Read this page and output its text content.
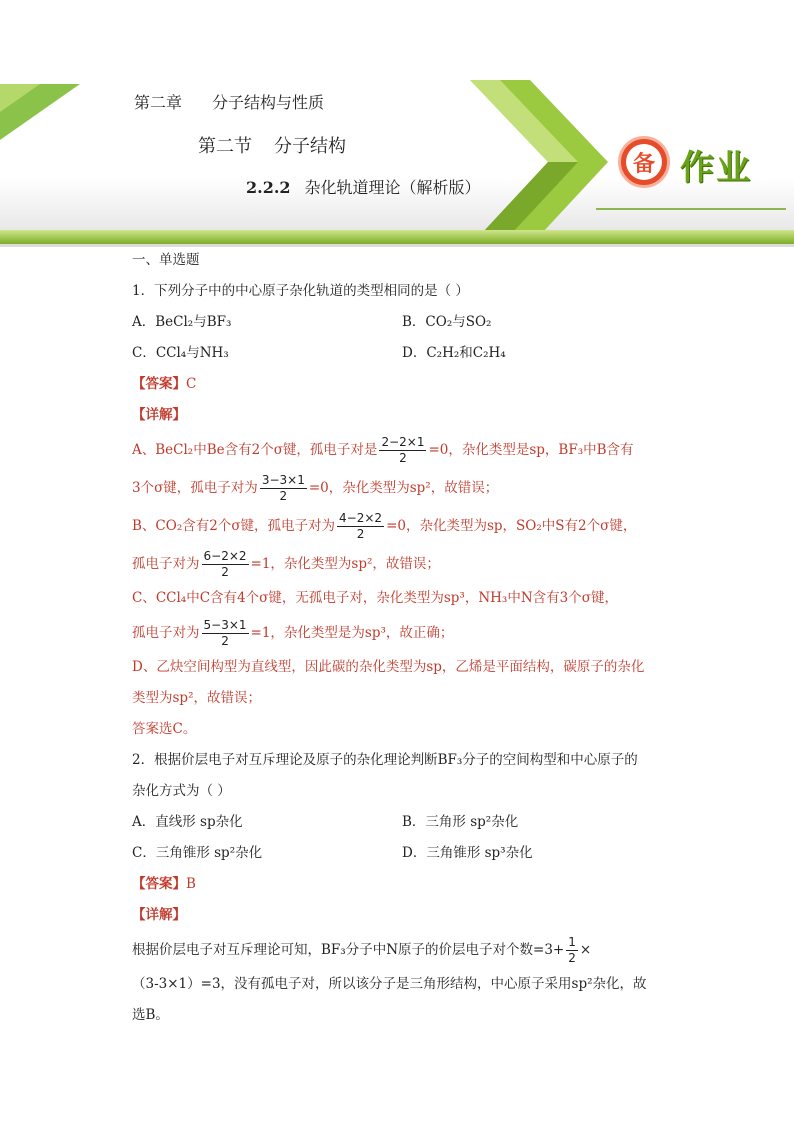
第二章 分子结构与性质
第二节 分子结构
2.2.2 杂化轨道理论（解析版）
备 作业
一、单选题
1．下列分子中的中心原子杂化轨道的类型相同的是（ ）
A．BeCl₂与BF₃	B．CO₂与SO₂
C．CCl₄与NH₃	D．C₂H₂和C₂H₄
【答案】C
【详解】
A、BeCl₂中Be含有2个σ键，孤电子对是 $\frac{2-2\times 1}{2} =0$，杂化类型是sp，BF₃中B含有
3个σ键，孤电子对为 $\frac{3-3\times 1}{2} =0$，杂化类型为sp²，故错误；
B、CO₂含有2个σ键，孤电子对为 $\frac{4-2\times 2}{2} =0$，杂化类型为sp，SO₂中S有2个σ键，
孤电子对为 $\frac{6-2\times 2}{2} =1$，杂化类型为sp²，故错误；
C、CCl₄中C含有4个σ键，无孤电子对，杂化类型为sp³，NH₃中N含有3个σ键，
孤电子对为 $\frac{5-3\times 1}{2} =1$，杂化类型是为sp³，故正确；
D、乙炔空间构型为直线型，因此碳的杂化类型为sp，乙烯是平面结构，碳原子的杂化
类型为sp²，故错误；
答案选C。
2．根据价层电子对互斥理论及原子的杂化理论判断BF₃分子的空间构型和中心原子的
杂化方式为（ ）
A．直线形 sp杂化	B．三角形 sp²杂化
C．三角锥形 sp²杂化	D．三角锥形 sp³杂化
【答案】B
【详解】
根据价层电子对互斥理论可知，BF₃分子中N原子的价层电子对个数$=3+ \frac{1}{2}$ ×
（3-3×1）=3，没有孤电子对，所以该分子是三角形结构，中心原子采用sp²杂化，故
选B。
